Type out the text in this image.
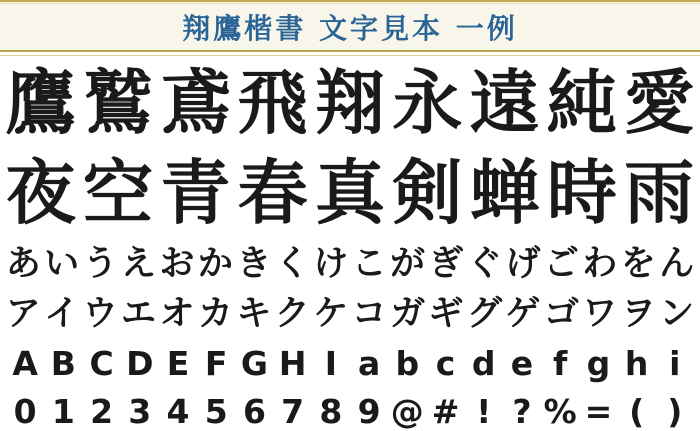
翔鷹楷書 文字見本 一例
鷹 鷲 鳶 飛 翔 永 遠 純 愛
夜 空 青 春 真 剣 蝉 時 雨
あ い う え お か き く け こ が ぎ ぐ げ ご わ を ん
ア イ ウ エ オ カ キ ク ケ コ ガ ギ グ ゲ ゴ ワ ヲ ン
A B C D E F G H I a b c d e f g h i
0 1 2 3 4 5 6 7 8 9 @ # ! ? % = ( )
